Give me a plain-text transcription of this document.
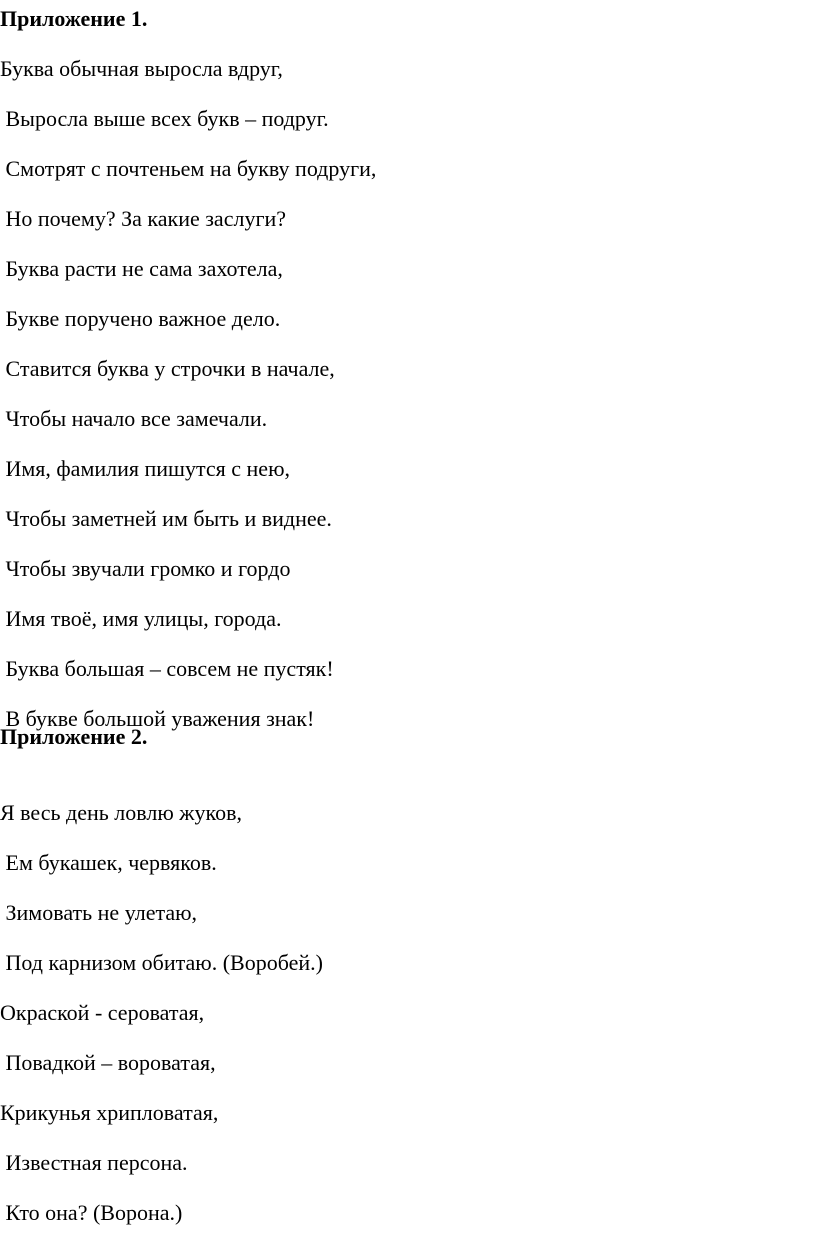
Приложение 1.
Буква обычная выросла вдруг,
Выросла выше всех букв – подруг.
Смотрят с почтеньем на букву подруги,
Но почему? За какие заслуги?
Буква расти не сама захотела,
Букве поручено важное дело.
Ставится буква у строчки в начале,
Чтобы начало все замечали.
Имя, фамилия пишутся с нею,
Чтобы заметней им быть и виднее.
Чтобы звучали громко и гордо
Имя твоё, имя улицы, города.
Буква большая – совсем не пустяк!
В букве большой уважения знак!
Приложение 2.
Я весь день ловлю жуков,
Ем букашек, червяков.
Зимовать не улетаю,
Под карнизом обитаю. (Воробей.)
Окраской - сероватая,
Повадкой – вороватая,
Крикунья хрипловатая,
Известная персона.
Кто она? (Ворона.)
